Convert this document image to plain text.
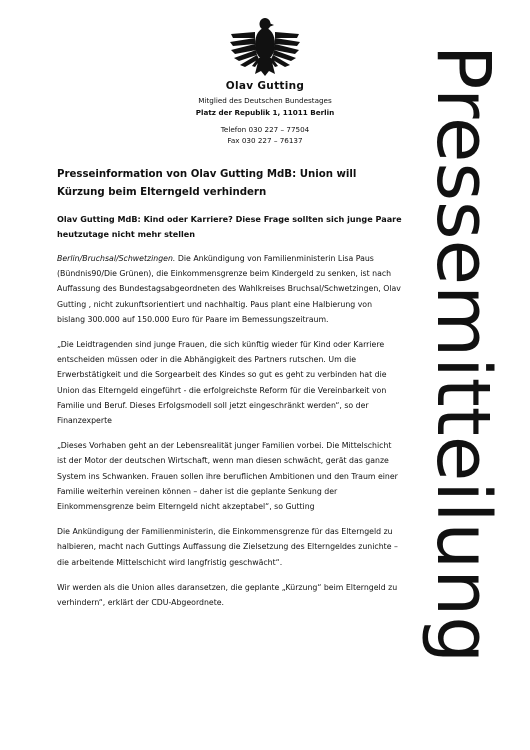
Olav Gutting
Mitglied des Deutschen Bundestages
Platz der Republik 1, 11011 Berlin
Telefon 030 227 – 77504
Fax 030 227 – 76137	Pressemitteilung
Presseinformation von Olav Gutting MdB: Union will Kürzung beim Elterngeld verhindern
Olav Gutting MdB: Kind oder Karriere? Diese Frage sollten sich junge Paare heutzutage nicht mehr stellen
Berlin/Bruchsal/Schwetzingen. Die Ankündigung von Familienministerin Lisa Paus (Bündnis90/Die Grünen), die Einkommensgrenze beim Kindergeld zu senken, ist nach Auffassung des Bundestagsabgeordneten des Wahlkreises Bruchsal/Schwetzingen, Olav Gutting , nicht zukunftsorientiert und nachhaltig. Paus plant eine Halbierung von bislang 300.000 auf 150.000 Euro für Paare im Bemessungszeitraum.
„Die Leidtragenden sind junge Frauen, die sich künftig wieder für Kind oder Karriere entscheiden müssen oder in die Abhängigkeit des Partners rutschen. Um die Erwerbstätigkeit und die Sorgearbeit des Kindes so gut es geht zu verbinden hat die Union das Elterngeld eingeführt - die erfolgreichste Reform für die Vereinbarkeit von Familie und Beruf. Dieses Erfolgsmodell soll jetzt eingeschränkt werden“, so der Finanzexperte
„Dieses Vorhaben geht an der Lebensrealität junger Familien vorbei. Die Mittelschicht ist der Motor der deutschen Wirtschaft, wenn man diesen schwächt, gerät das ganze System ins Schwanken. Frauen sollen ihre beruflichen Ambitionen und den Traum einer Familie weiterhin vereinen können – daher ist die geplante Senkung der Einkommensgrenze beim Elterngeld nicht akzeptabel“, so Gutting
Die Ankündigung der Familienministerin, die Einkommensgrenze für das Elterngeld zu halbieren, macht nach Guttings Auffassung die Zielsetzung des Elterngeldes zunichte – die arbeitende Mittelschicht wird langfristig geschwächt“.
Wir werden als die Union alles daransetzen, die geplante „Kürzung“ beim Elterngeld zu verhindern“, erklärt der CDU-Abgeordnete.
